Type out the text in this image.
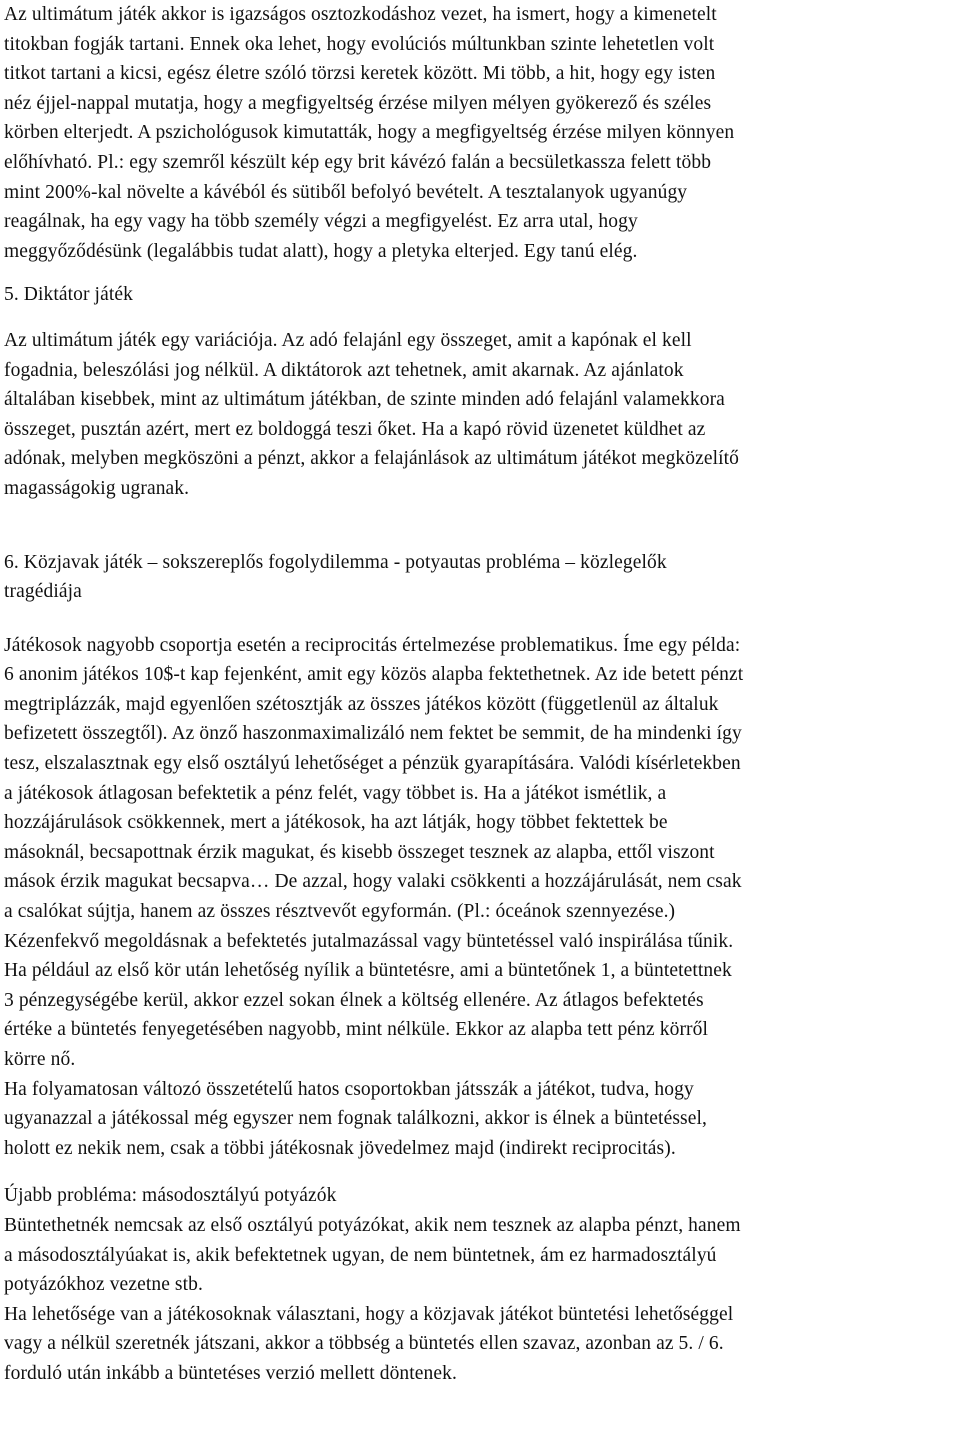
Az ultimátum játék akkor is igazságos osztozkodáshoz vezet, ha ismert, hogy a kimenetelt
titokban fogják tartani. Ennek oka lehet, hogy evolúciós múltunkban szinte lehetetlen volt
titkot tartani a kicsi, egész életre szóló törzsi keretek között. Mi több, a hit, hogy egy isten
néz éjjel-nappal mutatja, hogy a megfigyeltség érzése milyen mélyen gyökerező és széles
körben elterjedt. A pszichológusok kimutatták, hogy a megfigyeltség érzése milyen könnyen
előhívható. Pl.: egy szemről készült kép egy brit kávézó falán a becsületkassza felett több
mint 200%-kal növelte a kávéból és sütiből befolyó bevételt. A tesztalanyok ugyanúgy
reagálnak, ha egy vagy ha több személy végzi a megfigyelést. Ez arra utal, hogy
meggyőződésünk (legalábbis tudat alatt), hogy a pletyka elterjed. Egy tanú elég.
5. Diktátor játék
Az ultimátum játék egy variációja. Az adó felajánl egy összeget, amit a kapónak el kell
fogadnia, beleszólási jog nélkül. A diktátorok azt tehetnek, amit akarnak. Az ajánlatok
általában kisebbek, mint az ultimátum játékban, de szinte minden adó felajánl valamekkora
összeget, pusztán azért, mert ez boldoggá teszi őket. Ha a kapó rövid üzenetet küldhet az
adónak, melyben megköszöni a pénzt, akkor a felajánlások az ultimátum játékot megközelítő
magasságokig ugranak.
6. Közjavak játék – sokszereplős fogolydilemma - potyautas probléma – közlegelők
tragédiája
Játékosok nagyobb csoportja esetén a reciprocitás értelmezése problematikus. Íme egy példa:
6 anonim játékos 10$-t kap fejenként, amit egy közös alapba fektethetnek. Az ide betett pénzt
megtriplázzák, majd egyenlően szétosztják az összes játékos között (függetlenül az általuk
befizetett összegtől). Az önző haszonmaximalizáló nem fektet be semmit, de ha mindenki így
tesz, elszalasztnak egy első osztályú lehetőséget a pénzük gyarapítására. Valódi kísérletekben
a játékosok átlagosan befektetik a pénz felét, vagy többet is. Ha a játékot ismétlik, a
hozzájárulások csökkennek, mert a játékosok, ha azt látják, hogy többet fektettek be
másoknál, becsapottnak érzik magukat, és kisebb összeget tesznek az alapba, ettől viszont
mások érzik magukat becsapva… De azzal, hogy valaki csökkenti a hozzájárulását, nem csak
a csalókat sújtja, hanem az összes résztvevőt egyformán. (Pl.: óceánok szennyezése.)
Kézenfekvő megoldásnak a befektetés jutalmazással vagy büntetéssel való inspirálása tűnik.
Ha például az első kör után lehetőség nyílik a büntetésre, ami a büntetőnek 1, a büntetettnek
3 pénzegységébe kerül, akkor ezzel sokan élnek a költség ellenére. Az átlagos befektetés
értéke a büntetés fenyegetésében nagyobb, mint nélküle. Ekkor az alapba tett pénz körről
körre nő.
Ha folyamatosan változó összetételű hatos csoportokban játsszák a játékot, tudva, hogy
ugyanazzal a játékossal még egyszer nem fognak találkozni, akkor is élnek a büntetéssel,
holott ez nekik nem, csak a többi játékosnak jövedelmez majd (indirekt reciprocitás).
Újabb probléma: másodosztályú potyázók
Büntethetnék nemcsak az első osztályú potyázókat, akik nem tesznek az alapba pénzt, hanem
a másodosztályúakat is, akik befektetnek ugyan, de nem büntetnek, ám ez harmadosztályú
potyázókhoz vezetne stb.
Ha lehetősége van a játékosoknak választani, hogy a közjavak játékot büntetési lehetőséggel
vagy a nélkül szeretnék játszani, akkor a többség a büntetés ellen szavaz, azonban az 5. / 6.
forduló után inkább a büntetéses verzió mellett döntenek.
